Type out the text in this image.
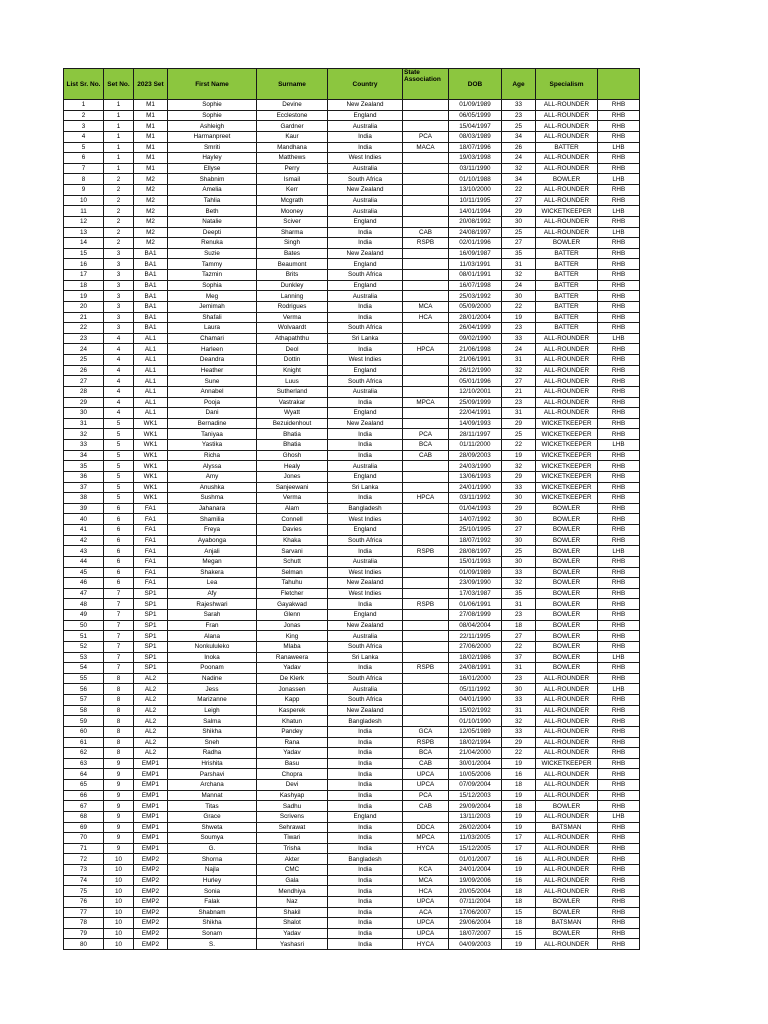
List Sr. No.	Set No.	2023 Set	First Name	Surname	Country	State Association	DOB	Age	Specialism	
1	1	M1	Sophie	Devine	New Zealand		01/09/1989	33	ALL-ROUNDER	RHB
2	1	M1	Sophie	Ecclestone	England		06/05/1999	23	ALL-ROUNDER	RHB
3	1	M1	Ashleigh	Gardner	Australia		15/04/1997	25	ALL-ROUNDER	RHB
4	1	M1	Harmanpreet	Kaur	India	PCA	08/03/1989	34	ALL-ROUNDER	RHB
5	1	M1	Smriti	Mandhana	India	MACA	18/07/1996	26	BATTER	LHB
6	1	M1	Hayley	Matthews	West Indies		19/03/1998	24	ALL-ROUNDER	RHB
7	1	M1	Ellyse	Perry	Australia		03/11/1990	32	ALL-ROUNDER	RHB
8	2	M2	Shabnim	Ismail	South Africa		01/10/1988	34	BOWLER	LHB
9	2	M2	Amelia	Kerr	New Zealand		13/10/2000	22	ALL-ROUNDER	RHB
10	2	M2	Tahlia	Mcgrath	Australia		10/11/1995	27	ALL-ROUNDER	RHB
11	2	M2	Beth	Mooney	Australia		14/01/1994	29	WICKETKEEPER	LHB
12	2	M2	Natalie	Sciver	England		20/08/1992	30	ALL-ROUNDER	RHB
13	2	M2	Deepti	Sharma	India	CAB	24/08/1997	25	ALL-ROUNDER	LHB
14	2	M2	Renuka	Singh	India	RSPB	02/01/1996	27	BOWLER	RHB
15	3	BA1	Suzie	Bates	New Zealand		16/09/1987	35	BATTER	RHB
16	3	BA1	Tammy	Beaumont	England		11/03/1991	31	BATTER	RHB
17	3	BA1	Tazmin	Brits	South Africa		08/01/1991	32	BATTER	RHB
18	3	BA1	Sophia	Dunkley	England		16/07/1998	24	BATTER	RHB
19	3	BA1	Meg	Lanning	Australia		25/03/1992	30	BATTER	RHB
20	3	BA1	Jemimah	Rodrigues	India	MCA	05/09/2000	22	BATTER	RHB
21	3	BA1	Shafali	Verma	India	HCA	28/01/2004	19	BATTER	RHB
22	3	BA1	Laura	Wolvaardt	South Africa		26/04/1999	23	BATTER	RHB
23	4	AL1	Chamari	Athapaththu	Sri Lanka		09/02/1990	33	ALL-ROUNDER	LHB
24	4	AL1	Harleen	Deol	India	HPCA	21/06/1998	24	ALL-ROUNDER	RHB
25	4	AL1	Deandra	Dottin	West Indies		21/06/1991	31	ALL-ROUNDER	RHB
26	4	AL1	Heather	Knight	England		26/12/1990	32	ALL-ROUNDER	RHB
27	4	AL1	Sune	Luus	South Africa		05/01/1996	27	ALL-ROUNDER	RHB
28	4	AL1	Annabel	Sutherland	Australia		12/10/2001	21	ALL-ROUNDER	RHB
29	4	AL1	Pooja	Vastrakar	India	MPCA	25/09/1999	23	ALL-ROUNDER	RHB
30	4	AL1	Dani	Wyatt	England		22/04/1991	31	ALL-ROUNDER	RHB
31	5	WK1	Bernadine	Bezuidenhout	New Zealand		14/09/1993	29	WICKETKEEPER	RHB
32	5	WK1	Taniyaa	Bhatia	India	PCA	28/11/1997	25	WICKETKEEPER	RHB
33	5	WK1	Yastika	Bhatia	India	BCA	01/11/2000	22	WICKETKEEPER	LHB
34	5	WK1	Richa	Ghosh	India	CAB	28/09/2003	19	WICKETKEEPER	RHB
35	5	WK1	Alyssa	Healy	Australia		24/03/1990	32	WICKETKEEPER	RHB
36	5	WK1	Amy	Jones	England		13/06/1993	29	WICKETKEEPER	RHB
37	5	WK1	Anushka	Sanjeewani	Sri Lanka		24/01/1990	33	WICKETKEEPER	RHB
38	5	WK1	Sushma	Verma	India	HPCA	03/11/1992	30	WICKETKEEPER	RHB
39	6	FA1	Jahanara	Alam	Bangladesh		01/04/1993	29	BOWLER	RHB
40	6	FA1	Shamilia	Connell	West Indies		14/07/1992	30	BOWLER	RHB
41	6	FA1	Freya	Davies	England		25/10/1995	27	BOWLER	RHB
42	6	FA1	Ayabonga	Khaka	South Africa		18/07/1992	30	BOWLER	RHB
43	6	FA1	Anjali	Sarvani	India	RSPB	28/08/1997	25	BOWLER	LHB
44	6	FA1	Megan	Schutt	Australia		15/01/1993	30	BOWLER	RHB
45	6	FA1	Shakera	Selman	West Indies		01/09/1989	33	BOWLER	RHB
46	6	FA1	Lea	Tahuhu	New Zealand		23/09/1990	32	BOWLER	RHB
47	7	SP1	Afy	Fletcher	West Indies		17/03/1987	35	BOWLER	RHB
48	7	SP1	Rajeshwari	Gayakwad	India	RSPB	01/06/1991	31	BOWLER	RHB
49	7	SP1	Sarah	Glenn	England		27/08/1999	23	BOWLER	RHB
50	7	SP1	Fran	Jonas	New Zealand		08/04/2004	18	BOWLER	RHB
51	7	SP1	Alana	King	Australia		22/11/1995	27	BOWLER	RHB
52	7	SP1	Nonkululeko	Mlaba	South Africa		27/06/2000	22	BOWLER	RHB
53	7	SP1	Inoka	Ranaweera	Sri Lanka		18/02/1986	37	BOWLER	LHB
54	7	SP1	Poonam	Yadav	India	RSPB	24/08/1991	31	BOWLER	RHB
55	8	AL2	Nadine	De Klerk	South Africa		16/01/2000	23	ALL-ROUNDER	RHB
56	8	AL2	Jess	Jonassen	Australia		05/11/1992	30	ALL-ROUNDER	LHB
57	8	AL2	Marizanne	Kapp	South Africa		04/01/1990	33	ALL-ROUNDER	RHB
58	8	AL2	Leigh	Kasperek	New Zealand		15/02/1992	31	ALL-ROUNDER	RHB
59	8	AL2	Salma	Khatun	Bangladesh		01/10/1990	32	ALL-ROUNDER	RHB
60	8	AL2	Shikha	Pandey	India	GCA	12/05/1989	33	ALL-ROUNDER	RHB
61	8	AL2	Sneh	Rana	India	RSPB	18/02/1994	29	ALL-ROUNDER	RHB
62	8	AL2	Radha	Yadav	India	BCA	21/04/2000	22	ALL-ROUNDER	RHB
63	9	EMP1	Hrishita	Basu	India	CAB	30/01/2004	19	WICKETKEEPER	RHB
64	9	EMP1	Parshavi	Chopra	India	UPCA	10/05/2006	16	ALL-ROUNDER	RHB
65	9	EMP1	Archana	Devi	India	UPCA	07/09/2004	18	ALL-ROUNDER	RHB
66	9	EMP1	Mannat	Kashyap	India	PCA	15/12/2003	19	ALL-ROUNDER	RHB
67	9	EMP1	Titas	Sadhu	India	CAB	29/09/2004	18	BOWLER	RHB
68	9	EMP1	Grace	Scrivens	England		13/11/2003	19	ALL-ROUNDER	LHB
69	9	EMP1	Shweta	Sehrawat	India	DDCA	26/02/2004	19	BATSMAN	RHB
70	9	EMP1	Soumya	Tiwari	India	MPCA	11/03/2005	17	ALL-ROUNDER	RHB
71	9	EMP1	G.	Trisha	India	HYCA	15/12/2005	17	ALL-ROUNDER	RHB
72	10	EMP2	Shorna	Akter	Bangladesh		01/01/2007	16	ALL-ROUNDER	RHB
73	10	EMP2	Najla	CMC	India	KCA	24/01/2004	19	ALL-ROUNDER	RHB
74	10	EMP2	Hurley	Gala	India	MCA	19/09/2006	16	ALL-ROUNDER	RHB
75	10	EMP2	Sonia	Mendhiya	India	HCA	20/05/2004	18	ALL-ROUNDER	RHB
76	10	EMP2	Falak	Naz	India	UPCA	07/11/2004	18	BOWLER	RHB
77	10	EMP2	Shabnam	Shakil	India	ACA	17/06/2007	15	BOWLER	RHB
78	10	EMP2	Shikha	Shalot	India	UPCA	29/06/2004	18	BATSMAN	RHB
79	10	EMP2	Sonam	Yadav	India	UPCA	18/07/2007	15	BOWLER	RHB
80	10	EMP2	S.	Yashasri	India	HYCA	04/09/2003	19	ALL-ROUNDER	RHB
